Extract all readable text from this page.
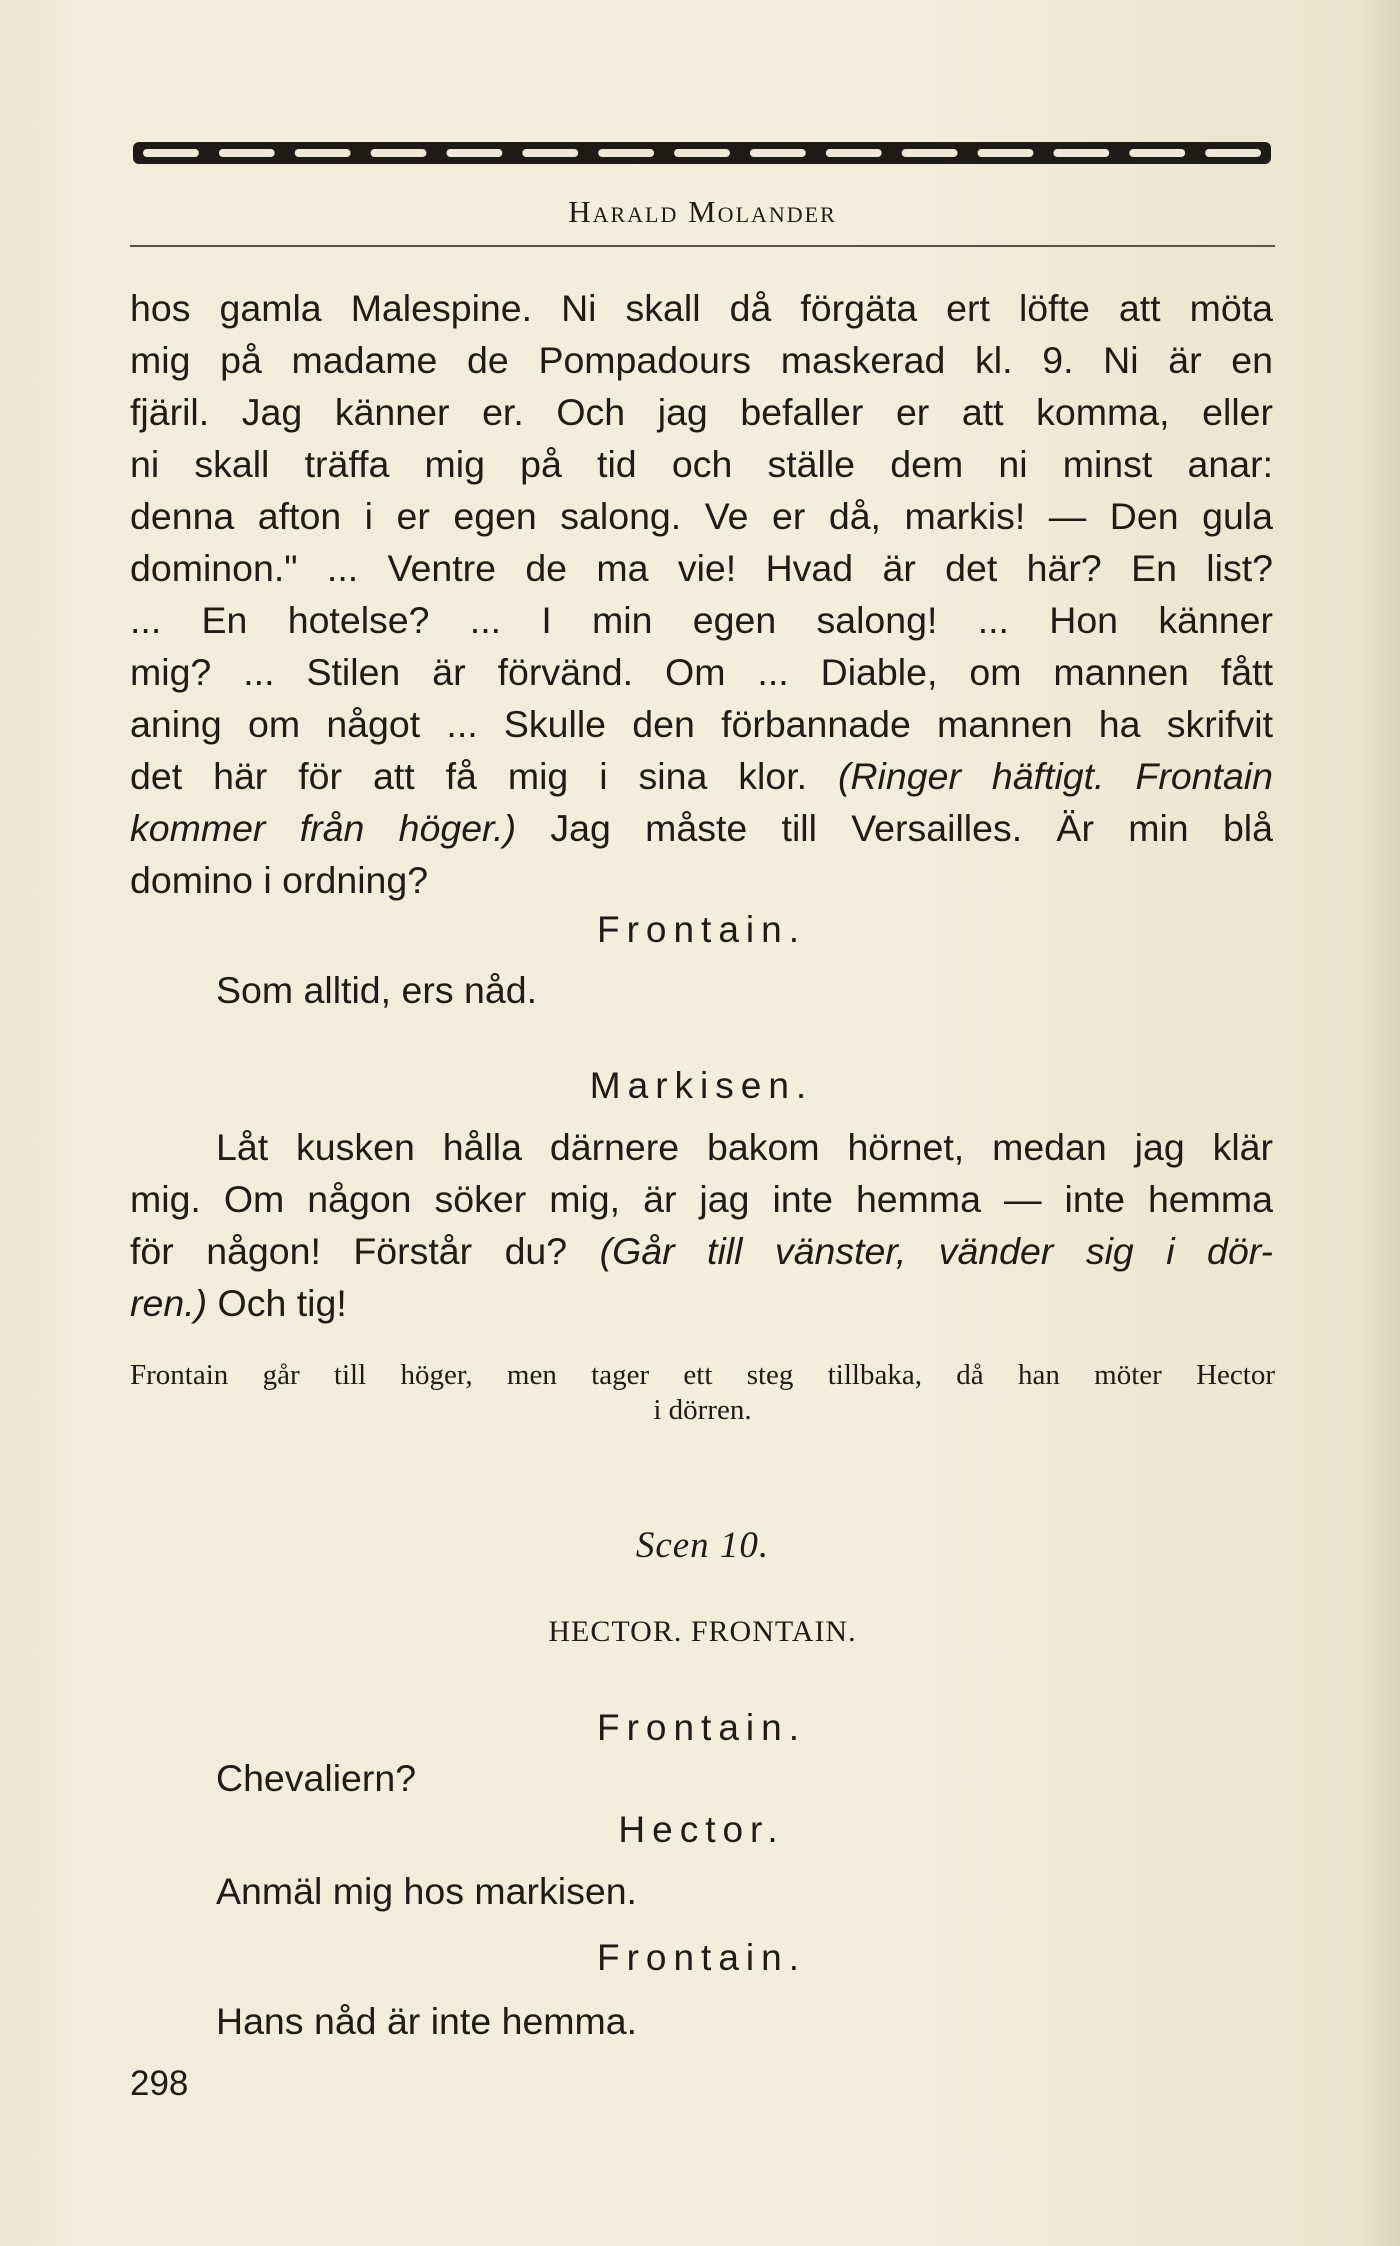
Harald Molander

hos gamla Malespine. Ni skall då förgäta ert löfte att möta

mig på madame de Pompadours maskerad kl. 9. Ni är en

fjäril. Jag känner er. Och jag befaller er att komma, eller

ni skall träffa mig på tid och ställe dem ni minst anar:

denna afton i er egen salong. Ve er då, markis! — Den gula

dominon." ... Ventre de ma vie! Hvad är det här? En list?

... En hotelse? ... I min egen salong! ... Hon känner

mig? ... Stilen är förvänd. Om ... Diable, om mannen fått

aning om något ... Skulle den förbannade mannen ha skrifvit

det här för att få mig i sina klor. (Ringer häftigt. Frontain

kommer från höger.) Jag måste till Versailles. Är min blå

domino i ordning?

Frontain.

Som alltid, ers nåd.

Markisen.

Låt kusken hålla därnere bakom hörnet, medan jag klär

mig. Om någon söker mig, är jag inte hemma — inte hemma

för någon! Förstår du? (Går till vänster, vänder sig i dör-

ren.) Och tig!

Frontain går till höger, men tager ett steg tillbaka, då han möter Hector
i dörren.
Scen 10.
HECTOR. FRONTAIN.

Frontain.

Chevaliern?

Hector.

Anmäl mig hos markisen.

Frontain.

Hans nåd är inte hemma.

298
